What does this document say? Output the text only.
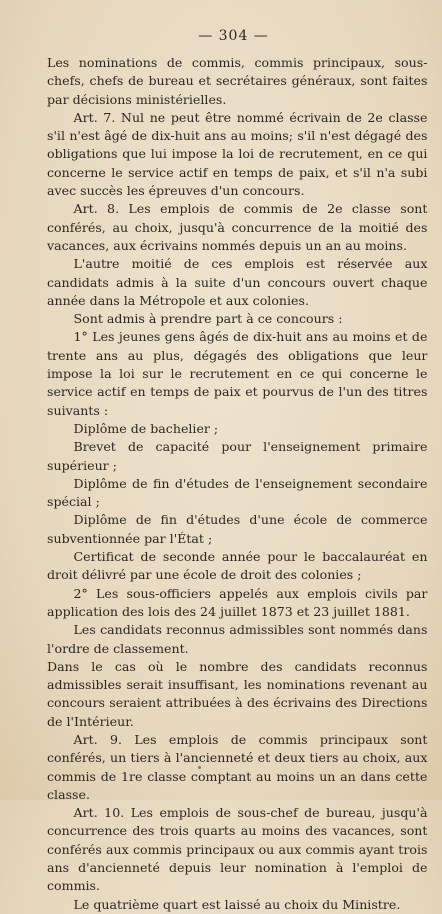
— 304 —

Les nominations de commis, commis principaux, sous-chefs, chefs de bureau et secrétaires généraux, sont faites par décisions ministérielles.

Art. 7. Nul ne peut être nommé écrivain de 2e classe s'il n'est âgé de dix-huit ans au moins; s'il n'est dégagé des obligations que lui impose la loi de recrutement, en ce qui concerne le service actif en temps de paix, et s'il n'a subi avec succès les épreuves d'un concours.

Art. 8. Les emplois de commis de 2e classe sont conférés, au choix, jusqu'à concurrence de la moitié des vacances, aux écrivains nommés depuis un an au moins.

L'autre moitié de ces emplois est réservée aux candidats admis à la suite d'un concours ouvert chaque année dans la Métropole et aux colonies.

Sont admis à prendre part à ce concours :

1° Les jeunes gens âgés de dix-huit ans au moins et de trente ans au plus, dégagés des obligations que leur impose la loi sur le recrutement en ce qui concerne le service actif en temps de paix et pourvus de l'un des titres suivants :

Diplôme de bachelier ;

Brevet de capacité pour l'enseignement primaire supérieur ;

Diplôme de fin d'études de l'enseignement secondaire spécial ;

Diplôme de fin d'études d'une école de commerce subventionnée par l'État ;

Certificat de seconde année pour le baccalauréat en droit délivré par une école de droit des colonies ;

2° Les sous-officiers appelés aux emplois civils par application des lois des 24 juillet 1873 et 23 juillet 1881.

Les candidats reconnus admissibles sont nommés dans l'ordre de classement.

Dans le cas où le nombre des candidats reconnus admissibles serait insuffisant, les nominations revenant au concours seraient attribuées à des écrivains des Directions de l'Intérieur.

Art. 9. Les emplois de commis principaux sont conférés, un tiers à l'ancienneté et deux tiers au choix, aux commis de 1re classe comptant au moins un an dans cette classe.

Art. 10. Les emplois de sous-chef de bureau, jusqu'à concurrence des trois quarts au moins des vacances, sont conférés aux commis principaux ou aux commis ayant trois ans d'ancienneté depuis leur nomination à l'emploi de commis.

Le quatrième quart est laissé au choix du Ministre.
